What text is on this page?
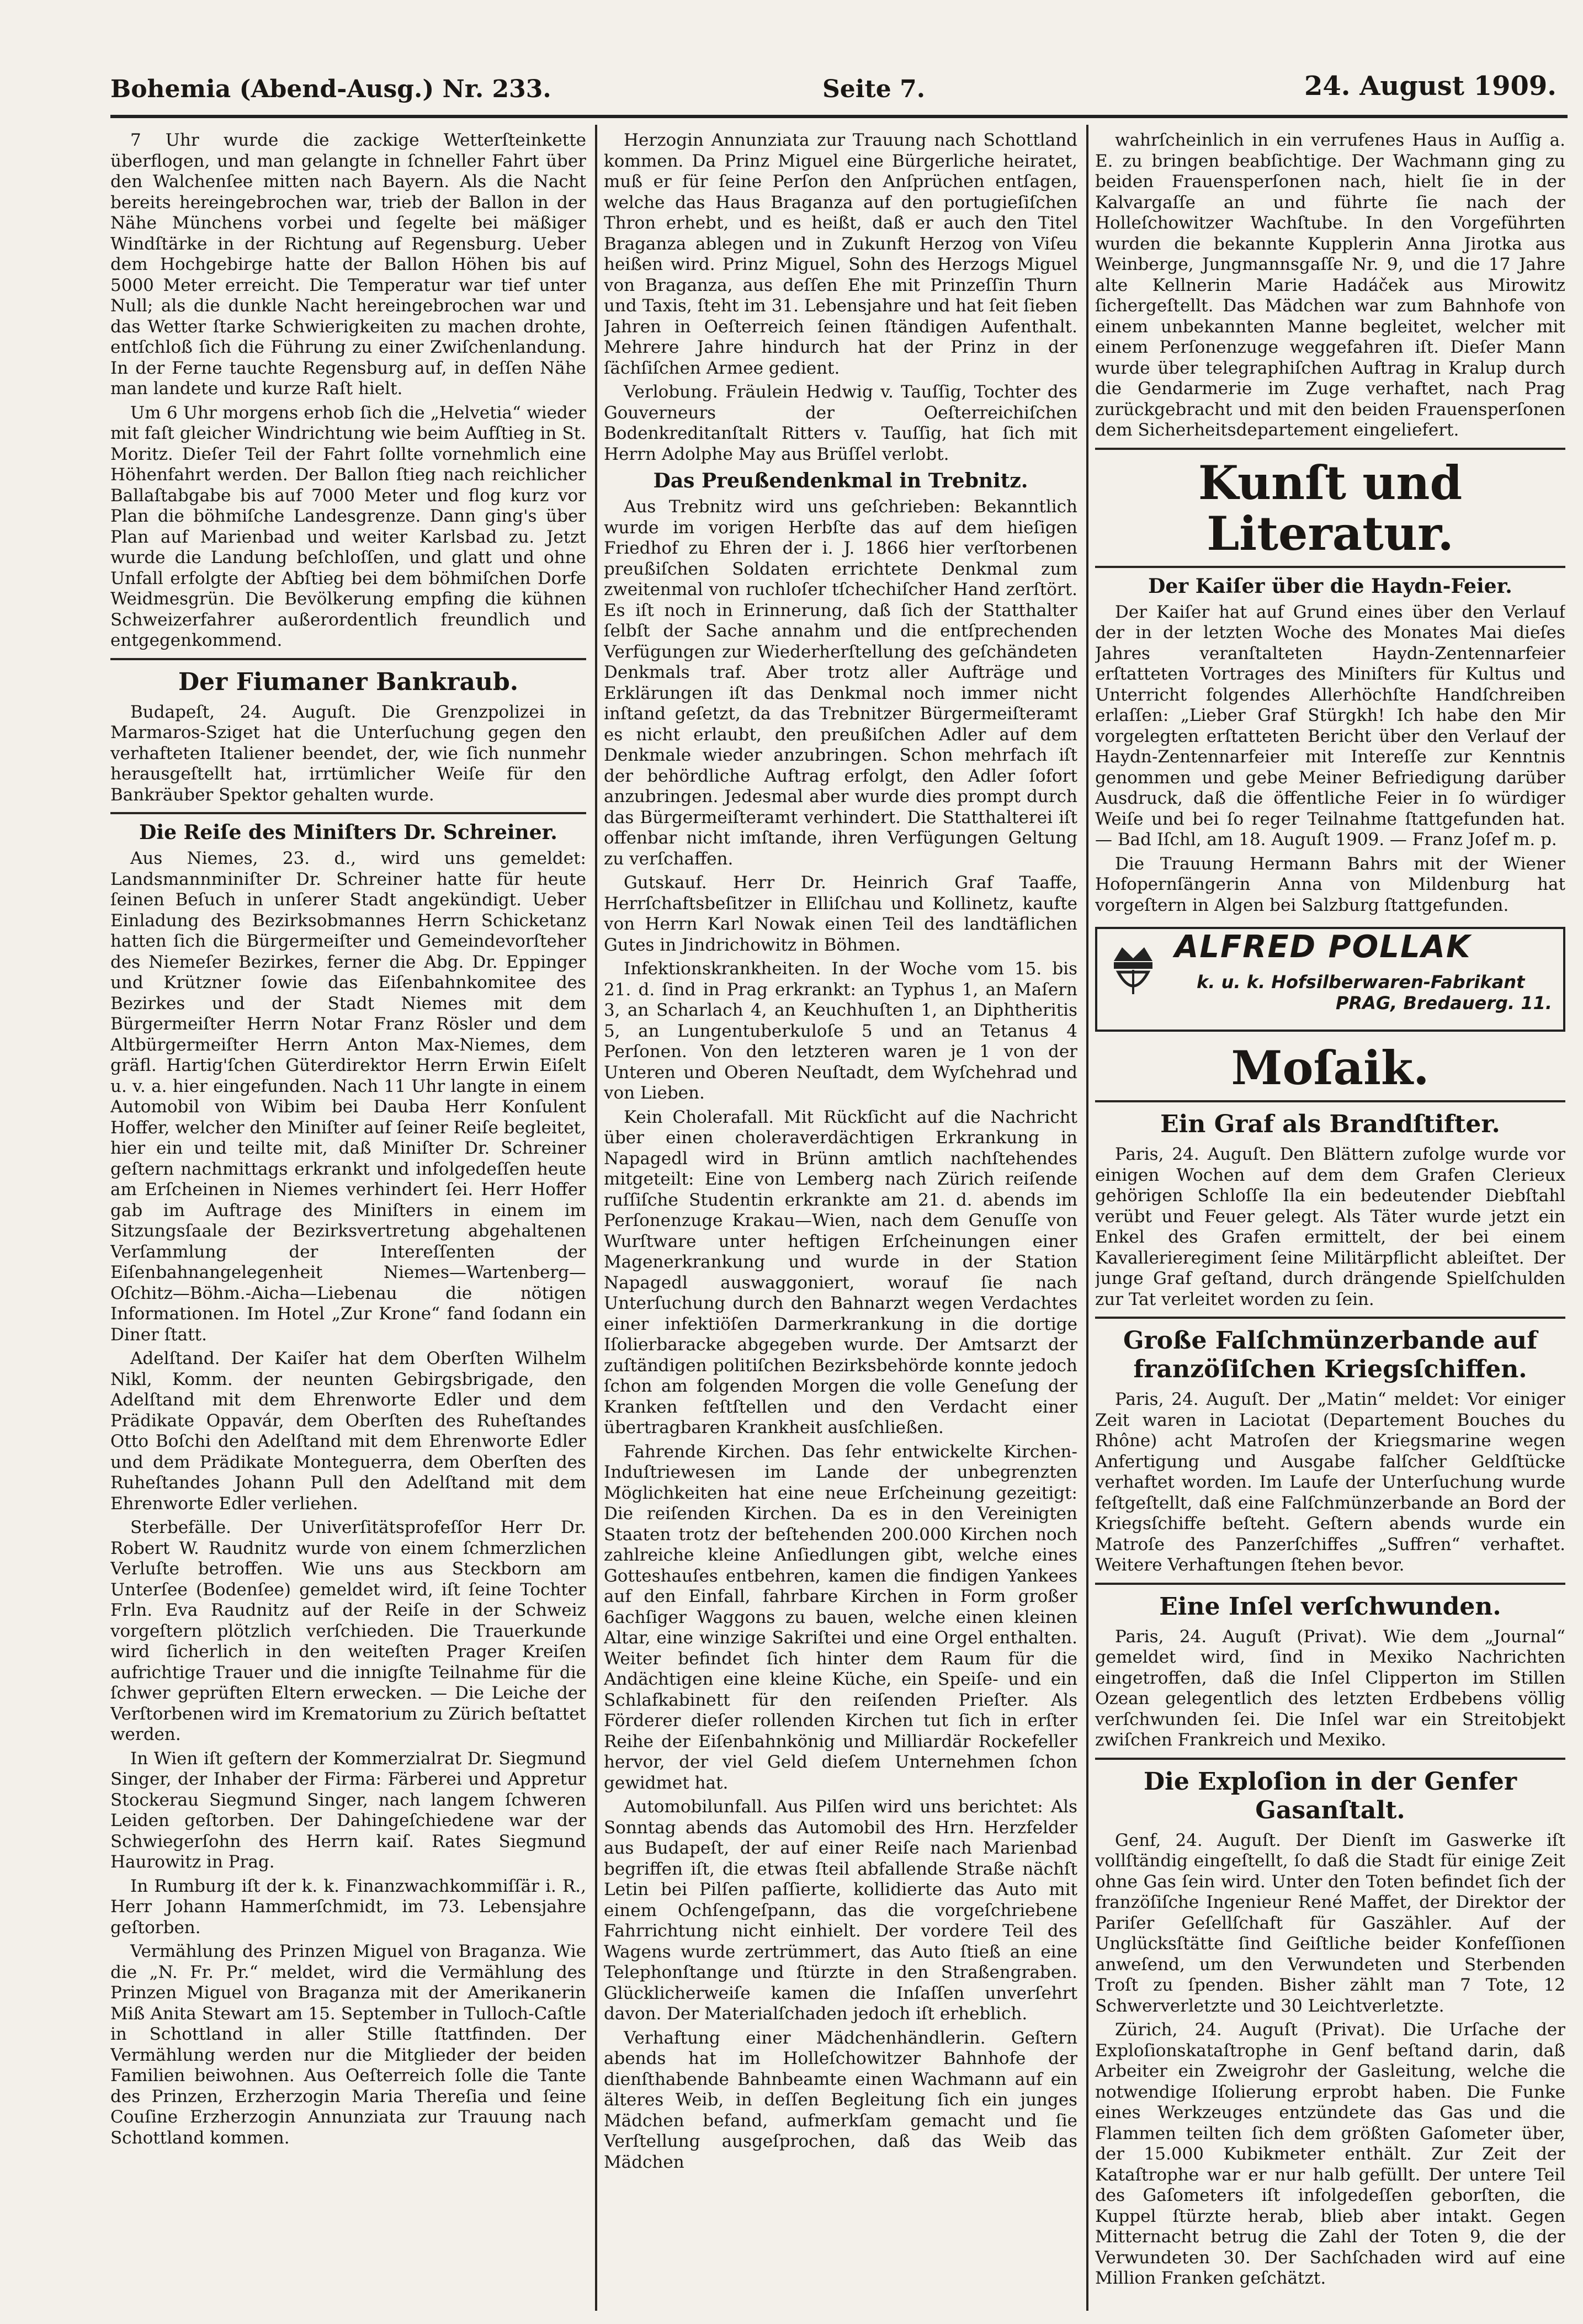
Bohemia (Abend-Ausg.) Nr. 233.	Seite 7.	24. August 1909.

7 Uhr wurde die zackige Wetterſteinkette überflogen, und man gelangte in ſchneller Fahrt über den Walchenſee mitten nach Bayern. Als die Nacht bereits hereingebrochen war, trieb der Ballon in der Nähe Münchens vorbei und ſegelte bei mäßiger Windſtärke in der Richtung auf Regensburg. Ueber dem Hochgebirge hatte der Ballon Höhen bis auf 5000 Meter erreicht. Die Temperatur war tief unter Null; als die dunkle Nacht hereingebrochen war und das Wetter ſtarke Schwierigkeiten zu machen drohte, entſchloß ſich die Führung zu einer Zwiſchenlandung. In der Ferne tauchte Regensburg auf, in deſſen Nähe man landete und kurze Raſt hielt.

Um 6 Uhr morgens erhob ſich die „Helvetia“ wieder mit faſt gleicher Windrichtung wie beim Aufſtieg in St. Moritz. Dieſer Teil der Fahrt ſollte vornehmlich eine Höhenfahrt werden. Der Ballon ſtieg nach reichlicher Ballaſtabgabe bis auf 7000 Meter und flog kurz vor Plan die böhmiſche Landesgrenze. Dann ging's über Plan auf Marienbad und weiter Karlsbad zu. Jetzt wurde die Landung beſchloſſen, und glatt und ohne Unfall erfolgte der Abſtieg bei dem böhmiſchen Dorfe Weidmesgrün. Die Bevölkerung empfing die kühnen Schweizerfahrer außerordentlich freundlich und entgegenkommend.

Der Fiumaner Bankraub.

Budapeſt, 24. Auguſt. Die Grenzpolizei in Marmaros-Sziget hat die Unterſuchung gegen den verhafteten Italiener beendet, der, wie ſich nunmehr herausgeſtellt hat, irrtümlicher Weiſe für den Bankräuber Spektor gehalten wurde.

Die Reiſe des Miniſters Dr. Schreiner.

Aus Niemes, 23. d., wird uns gemeldet: Landsmannminiſter Dr. Schreiner hatte für heute ſeinen Beſuch in unſerer Stadt angekündigt. Ueber Einladung des Bezirksobmannes Herrn Schicketanz hatten ſich die Bürgermeiſter und Gemeindevorſteher des Niemeſer Bezirkes, ferner die Abg. Dr. Eppinger und Krützner ſowie das Eiſenbahnkomitee des Bezirkes und der Stadt Niemes mit dem Bürgermeiſter Herrn Notar Franz Rösler und dem Altbürgermeiſter Herrn Anton Max-Niemes, dem gräfl. Hartig'ſchen Güterdirektor Herrn Erwin Eiſelt u. v. a. hier eingefunden. Nach 11 Uhr langte in einem Automobil von Wibim bei Dauba Herr Konſulent Hoffer, welcher den Miniſter auf ſeiner Reiſe begleitet, hier ein und teilte mit, daß Miniſter Dr. Schreiner geſtern nachmittags erkrankt und infolgedeſſen heute am Erſcheinen in Niemes verhindert ſei. Herr Hoffer gab im Auftrage des Miniſters in einem im Sitzungsſaale der Bezirksvertretung abgehaltenen Verſammlung der Intereſſenten der Eiſenbahnangelegenheit Niemes—Wartenberg—Oſchitz—Böhm.-Aicha—Liebenau die nötigen Informationen. Im Hotel „Zur Krone“ fand ſodann ein Diner ſtatt.

Adelſtand. Der Kaiſer hat dem Oberſten Wilhelm Nikl, Komm. der neunten Gebirgsbrigade, den Adelſtand mit dem Ehrenworte Edler und dem Prädikate Oppavár, dem Oberſten des Ruheſtandes Otto Boſchi den Adelſtand mit dem Ehrenworte Edler und dem Prädikate Monteguerra, dem Oberſten des Ruheſtandes Johann Pull den Adelſtand mit dem Ehrenworte Edler verliehen.

Sterbefälle. Der Univerſitätsprofeſſor Herr Dr. Robert W. Raudnitz wurde von einem ſchmerzlichen Verluſte betroffen. Wie uns aus Steckborn am Unterſee (Bodenſee) gemeldet wird, iſt ſeine Tochter Frln. Eva Raudnitz auf der Reiſe in der Schweiz vorgeſtern plötzlich verſchieden. Die Trauerkunde wird ſicherlich in den weiteſten Prager Kreiſen aufrichtige Trauer und die innigſte Teilnahme für die ſchwer geprüften Eltern erwecken. — Die Leiche der Verſtorbenen wird im Krematorium zu Zürich beſtattet werden.

In Wien iſt geſtern der Kommerzialrat Dr. Siegmund Singer, der Inhaber der Firma: Färberei und Appretur Stockerau Siegmund Singer, nach langem ſchweren Leiden geſtorben. Der Dahingeſchiedene war der Schwiegerſohn des Herrn kaiſ. Rates Siegmund Haurowitz in Prag.

In Rumburg iſt der k. k. Finanzwachkommiſſär i. R., Herr Johann Hammerſchmidt, im 73. Lebensjahre geſtorben.

Vermählung des Prinzen Miguel von Braganza. Wie die „N. Fr. Pr.“ meldet, wird die Vermählung des Prinzen Miguel von Braganza mit der Amerikanerin Miß Anita Stewart am 15. September in Tulloch-Caſtle in Schottland in aller Stille ſtattfinden. Der Vermählung werden nur die Mitglieder der beiden Familien beiwohnen. Aus Oeſterreich ſolle die Tante des Prinzen, Erzherzogin Maria Thereſia und ſeine Couſine Erzherzogin Annunziata zur Trauung nach Schottland kommen.

Herzogin Annunziata zur Trauung nach Schottland kommen. Da Prinz Miguel eine Bürgerliche heiratet, muß er für ſeine Perſon den Anſprüchen entſagen, welche das Haus Braganza auf den portugieſiſchen Thron erhebt, und es heißt, daß er auch den Titel Braganza ablegen und in Zukunft Herzog von Viſeu heißen wird. Prinz Miguel, Sohn des Herzogs Miguel von Braganza, aus deſſen Ehe mit Prinzeſſin Thurn und Taxis, ſteht im 31. Lebensjahre und hat ſeit ſieben Jahren in Oeſterreich ſeinen ſtändigen Aufenthalt. Mehrere Jahre hindurch hat der Prinz in der ſächſiſchen Armee gedient.

Verlobung. Fräulein Hedwig v. Tauſſig, Tochter des Gouverneurs der Oeſterreichiſchen Bodenkreditanſtalt Ritters v. Tauſſig, hat ſich mit Herrn Adolphe May aus Brüſſel verlobt.

Das Preußendenkmal in Trebnitz.

Aus Trebnitz wird uns geſchrieben: Bekanntlich wurde im vorigen Herbſte das auf dem hieſigen Friedhof zu Ehren der i. J. 1866 hier verſtorbenen preußiſchen Soldaten errichtete Denkmal zum zweitenmal von ruchloſer tſchechiſcher Hand zerſtört. Es iſt noch in Erinnerung, daß ſich der Statthalter ſelbſt der Sache annahm und die entſprechenden Verfügungen zur Wiederherſtellung des geſchändeten Denkmals traf. Aber trotz aller Aufträge und Erklärungen iſt das Denkmal noch immer nicht inſtand geſetzt, da das Trebnitzer Bürgermeiſteramt es nicht erlaubt, den preußiſchen Adler auf dem Denkmale wieder anzubringen. Schon mehrfach iſt der behördliche Auftrag erfolgt, den Adler ſofort anzubringen. Jedesmal aber wurde dies prompt durch das Bürgermeiſteramt verhindert. Die Statthalterei iſt offenbar nicht imſtande, ihren Verfügungen Geltung zu verſchaffen.

Gutskauf. Herr Dr. Heinrich Graf Taaffe, Herrſchaftsbeſitzer in Elliſchau und Kollinetz, kaufte von Herrn Karl Nowak einen Teil des landtäflichen Gutes in Jindrichowitz in Böhmen.

Infektionskrankheiten. In der Woche vom 15. bis 21. d. ſind in Prag erkrankt: an Typhus 1, an Maſern 3, an Scharlach 4, an Keuchhuſten 1, an Diphtheritis 5, an Lungentuberkuloſe 5 und an Tetanus 4 Perſonen. Von den letzteren waren je 1 von der Unteren und Oberen Neuſtadt, dem Wyſchehrad und von Lieben.

Kein Cholerafall. Mit Rückſicht auf die Nachricht über einen choleraverdächtigen Erkrankung in Napagedl wird in Brünn amtlich nachſtehendes mitgeteilt: Eine von Lemberg nach Zürich reiſende ruſſiſche Studentin erkrankte am 21. d. abends im Perſonenzuge Krakau—Wien, nach dem Genuſſe von Wurſtware unter heftigen Erſcheinungen einer Magenerkrankung und wurde in der Station Napagedl auswaggoniert, worauf ſie nach Unterſuchung durch den Bahnarzt wegen Verdachtes einer infektiöſen Darmerkrankung in die dortige Iſolierbaracke abgegeben wurde. Der Amtsarzt der zuſtändigen politiſchen Bezirksbehörde konnte jedoch ſchon am folgenden Morgen die volle Geneſung der Kranken feſtſtellen und den Verdacht einer übertragbaren Krankheit ausſchließen.

Fahrende Kirchen. Das ſehr entwickelte Kirchen-Induſtriewesen im Lande der unbegrenzten Möglichkeiten hat eine neue Erſcheinung gezeitigt: Die reiſenden Kirchen. Da es in den Vereinigten Staaten trotz der beſtehenden 200.000 Kirchen noch zahlreiche kleine Anſiedlungen gibt, welche eines Gotteshauſes entbehren, kamen die findigen Yankees auf den Einfall, fahrbare Kirchen in Form großer 6achſiger Waggons zu bauen, welche einen kleinen Altar, eine winzige Sakriſtei und eine Orgel enthalten. Weiter befindet ſich hinter dem Raum für die Andächtigen eine kleine Küche, ein Speiſe- und ein Schlafkabinett für den reiſenden Prieſter. Als Förderer dieſer rollenden Kirchen tut ſich in erſter Reihe der Eiſenbahnkönig und Milliardär Rockefeller hervor, der viel Geld dieſem Unternehmen ſchon gewidmet hat.

Automobilunfall. Aus Pilſen wird uns berichtet: Als Sonntag abends das Automobil des Hrn. Herzfelder aus Budapeſt, der auf einer Reiſe nach Marienbad begriffen iſt, die etwas ſteil abfallende Straße nächſt Letin bei Pilſen paſſierte, kollidierte das Auto mit einem Ochſengeſpann, das die vorgeſchriebene Fahrrichtung nicht einhielt. Der vordere Teil des Wagens wurde zertrümmert, das Auto ſtieß an eine Telephonſtange und ſtürzte in den Straßengraben. Glücklicherweiſe kamen die Inſaſſen unverſehrt davon. Der Materialſchaden jedoch iſt erheblich.

Verhaftung einer Mädchenhändlerin. Geſtern abends hat im Holleſchowitzer Bahnhofe der dienſthabende Bahnbeamte einen Wachmann auf ein älteres Weib, in deſſen Begleitung ſich ein junges Mädchen befand, aufmerkſam gemacht und ſie Verſtellung ausgeſprochen, daß das Weib das Mädchen

wahrſcheinlich in ein verrufenes Haus in Auſſig a. E. zu bringen beabſichtige. Der Wachmann ging zu beiden Frauensperſonen nach, hielt ſie in der Kalvargaſſe an und führte ſie nach der Holleſchowitzer Wachſtube. In den Vorgeführten wurden die bekannte Kupplerin Anna Jirotka aus Weinberge, Jungmannsgaſſe Nr. 9, und die 17 Jahre alte Kellnerin Marie Hadáček aus Mirowitz ſichergeſtellt. Das Mädchen war zum Bahnhofe von einem unbekannten Manne begleitet, welcher mit einem Perſonenzuge weggefahren iſt. Dieſer Mann wurde über telegraphiſchen Auftrag in Kralup durch die Gendarmerie im Zuge verhaftet, nach Prag zurückgebracht und mit den beiden Frauensperſonen dem Sicherheitsdepartement eingeliefert.

Kunſt und Literatur.
Der Kaiſer über die Haydn-Feier.

Der Kaiſer hat auf Grund eines über den Verlauf der in der letzten Woche des Monates Mai dieſes Jahres veranſtalteten Haydn-Zentennarfeier erſtatteten Vortrages des Miniſters für Kultus und Unterricht folgendes Allerhöchſte Handſchreiben erlaſſen: „Lieber Graf Stürgkh! Ich habe den Mir vorgelegten erſtatteten Bericht über den Verlauf der Haydn-Zentennarfeier mit Intereſſe zur Kenntnis genommen und gebe Meiner Befriedigung darüber Ausdruck, daß die öffentliche Feier in ſo würdiger Weiſe und bei ſo reger Teilnahme ſtattgefunden hat. — Bad Iſchl, am 18. Auguſt 1909. — Franz Joſef m. p.

Die Trauung Hermann Bahrs mit der Wiener Hofopernſängerin Anna von Mildenburg hat vorgeſtern in Algen bei Salzburg ſtattgefunden.

ALFRED POLLAK
k. u. k. Hofsilberwaren-Fabrikant
PRAG, Bredauerg. 11.
Moſaik.
Ein Graf als Brandſtifter.

Paris, 24. Auguſt. Den Blättern zufolge wurde vor einigen Wochen auf dem dem Grafen Clerieux gehörigen Schloſſe Ila ein bedeutender Diebſtahl verübt und Feuer gelegt. Als Täter wurde jetzt ein Enkel des Grafen ermittelt, der bei einem Kavallerieregiment ſeine Militärpflicht ableiſtet. Der junge Graf geſtand, durch drängende Spielſchulden zur Tat verleitet worden zu ſein.

Große Falſchmünzerbande auf franzöſiſchen Kriegsſchiffen.

Paris, 24. Auguſt. Der „Matin“ meldet: Vor einiger Zeit waren in Laciotat (Departement Bouches du Rhône) acht Matroſen der Kriegsmarine wegen Anfertigung und Ausgabe falſcher Geldſtücke verhaftet worden. Im Laufe der Unterſuchung wurde feſtgeſtellt, daß eine Falſchmünzerbande an Bord der Kriegsſchiffe beſteht. Geſtern abends wurde ein Matroſe des Panzerſchiffes „Suffren“ verhaftet. Weitere Verhaftungen ſtehen bevor.

Eine Inſel verſchwunden.

Paris, 24. Auguſt (Privat). Wie dem „Journal“ gemeldet wird, ſind in Mexiko Nachrichten eingetroffen, daß die Inſel Clipperton im Stillen Ozean gelegentlich des letzten Erdbebens völlig verſchwunden ſei. Die Inſel war ein Streitobjekt zwiſchen Frankreich und Mexiko.

Die Exploſion in der Genfer Gasanſtalt.

Genf, 24. Auguſt. Der Dienſt im Gaswerke iſt vollſtändig eingeſtellt, ſo daß die Stadt für einige Zeit ohne Gas ſein wird. Unter den Toten befindet ſich der franzöſiſche Ingenieur René Maffet, der Direktor der Pariſer Geſellſchaft für Gaszähler. Auf der Unglücksſtätte ſind Geiſtliche beider Konfeſſionen anweſend, um den Verwundeten und Sterbenden Troſt zu ſpenden. Bisher zählt man 7 Tote, 12 Schwerverletzte und 30 Leichtverletzte.

Zürich, 24. Auguſt (Privat). Die Urſache der Exploſionskataſtrophe in Genf beſtand darin, daß Arbeiter ein Zweigrohr der Gasleitung, welche die notwendige Iſolierung erprobt haben. Die Funke eines Werkzeuges entzündete das Gas und die Flammen teilten ſich dem größten Gaſometer über, der 15.000 Kubikmeter enthält. Zur Zeit der Kataſtrophe war er nur halb gefüllt. Der untere Teil des Gaſometers iſt infolgedeſſen geborſten, die Kuppel ſtürzte herab, blieb aber intakt. Gegen Mitternacht betrug die Zahl der Toten 9, die der Verwundeten 30. Der Sachſchaden wird auf eine Million Franken geſchätzt.
